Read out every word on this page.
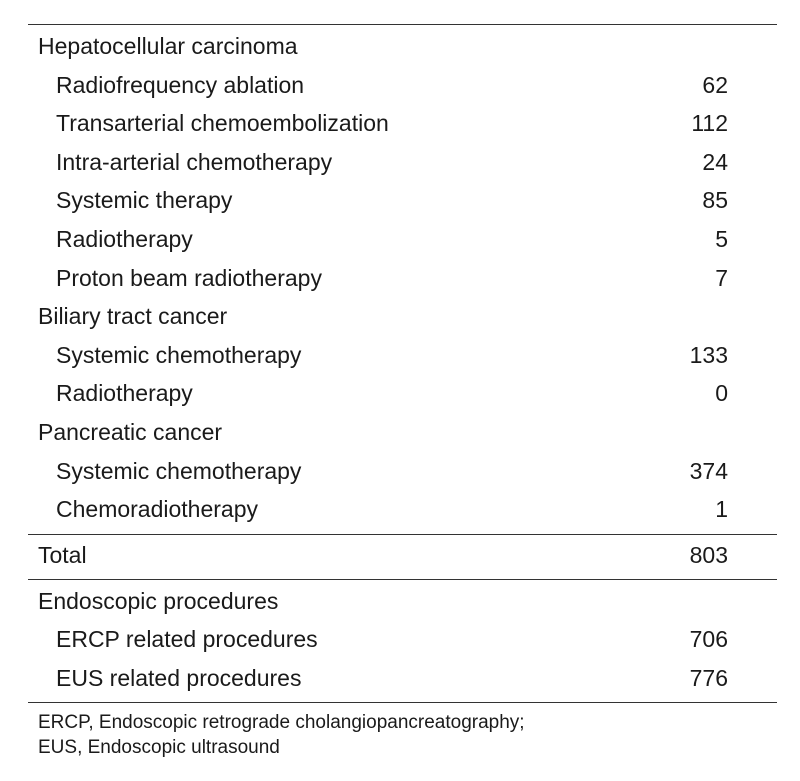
Hepatocellular carcinoma
Radiofrequency ablation	62
Transarterial chemoembolization	112
Intra-arterial chemotherapy	24
Systemic therapy	85
Radiotherapy	5
Proton beam radiotherapy	7
Biliary tract cancer
Systemic chemotherapy	133
Radiotherapy	0
Pancreatic cancer
Systemic chemotherapy	374
Chemoradiotherapy	1
Total	803
Endoscopic procedures
ERCP related procedures	706
EUS related procedures	776
ERCP, Endoscopic retrograde cholangiopancreatography;
EUS, Endoscopic ultrasound
